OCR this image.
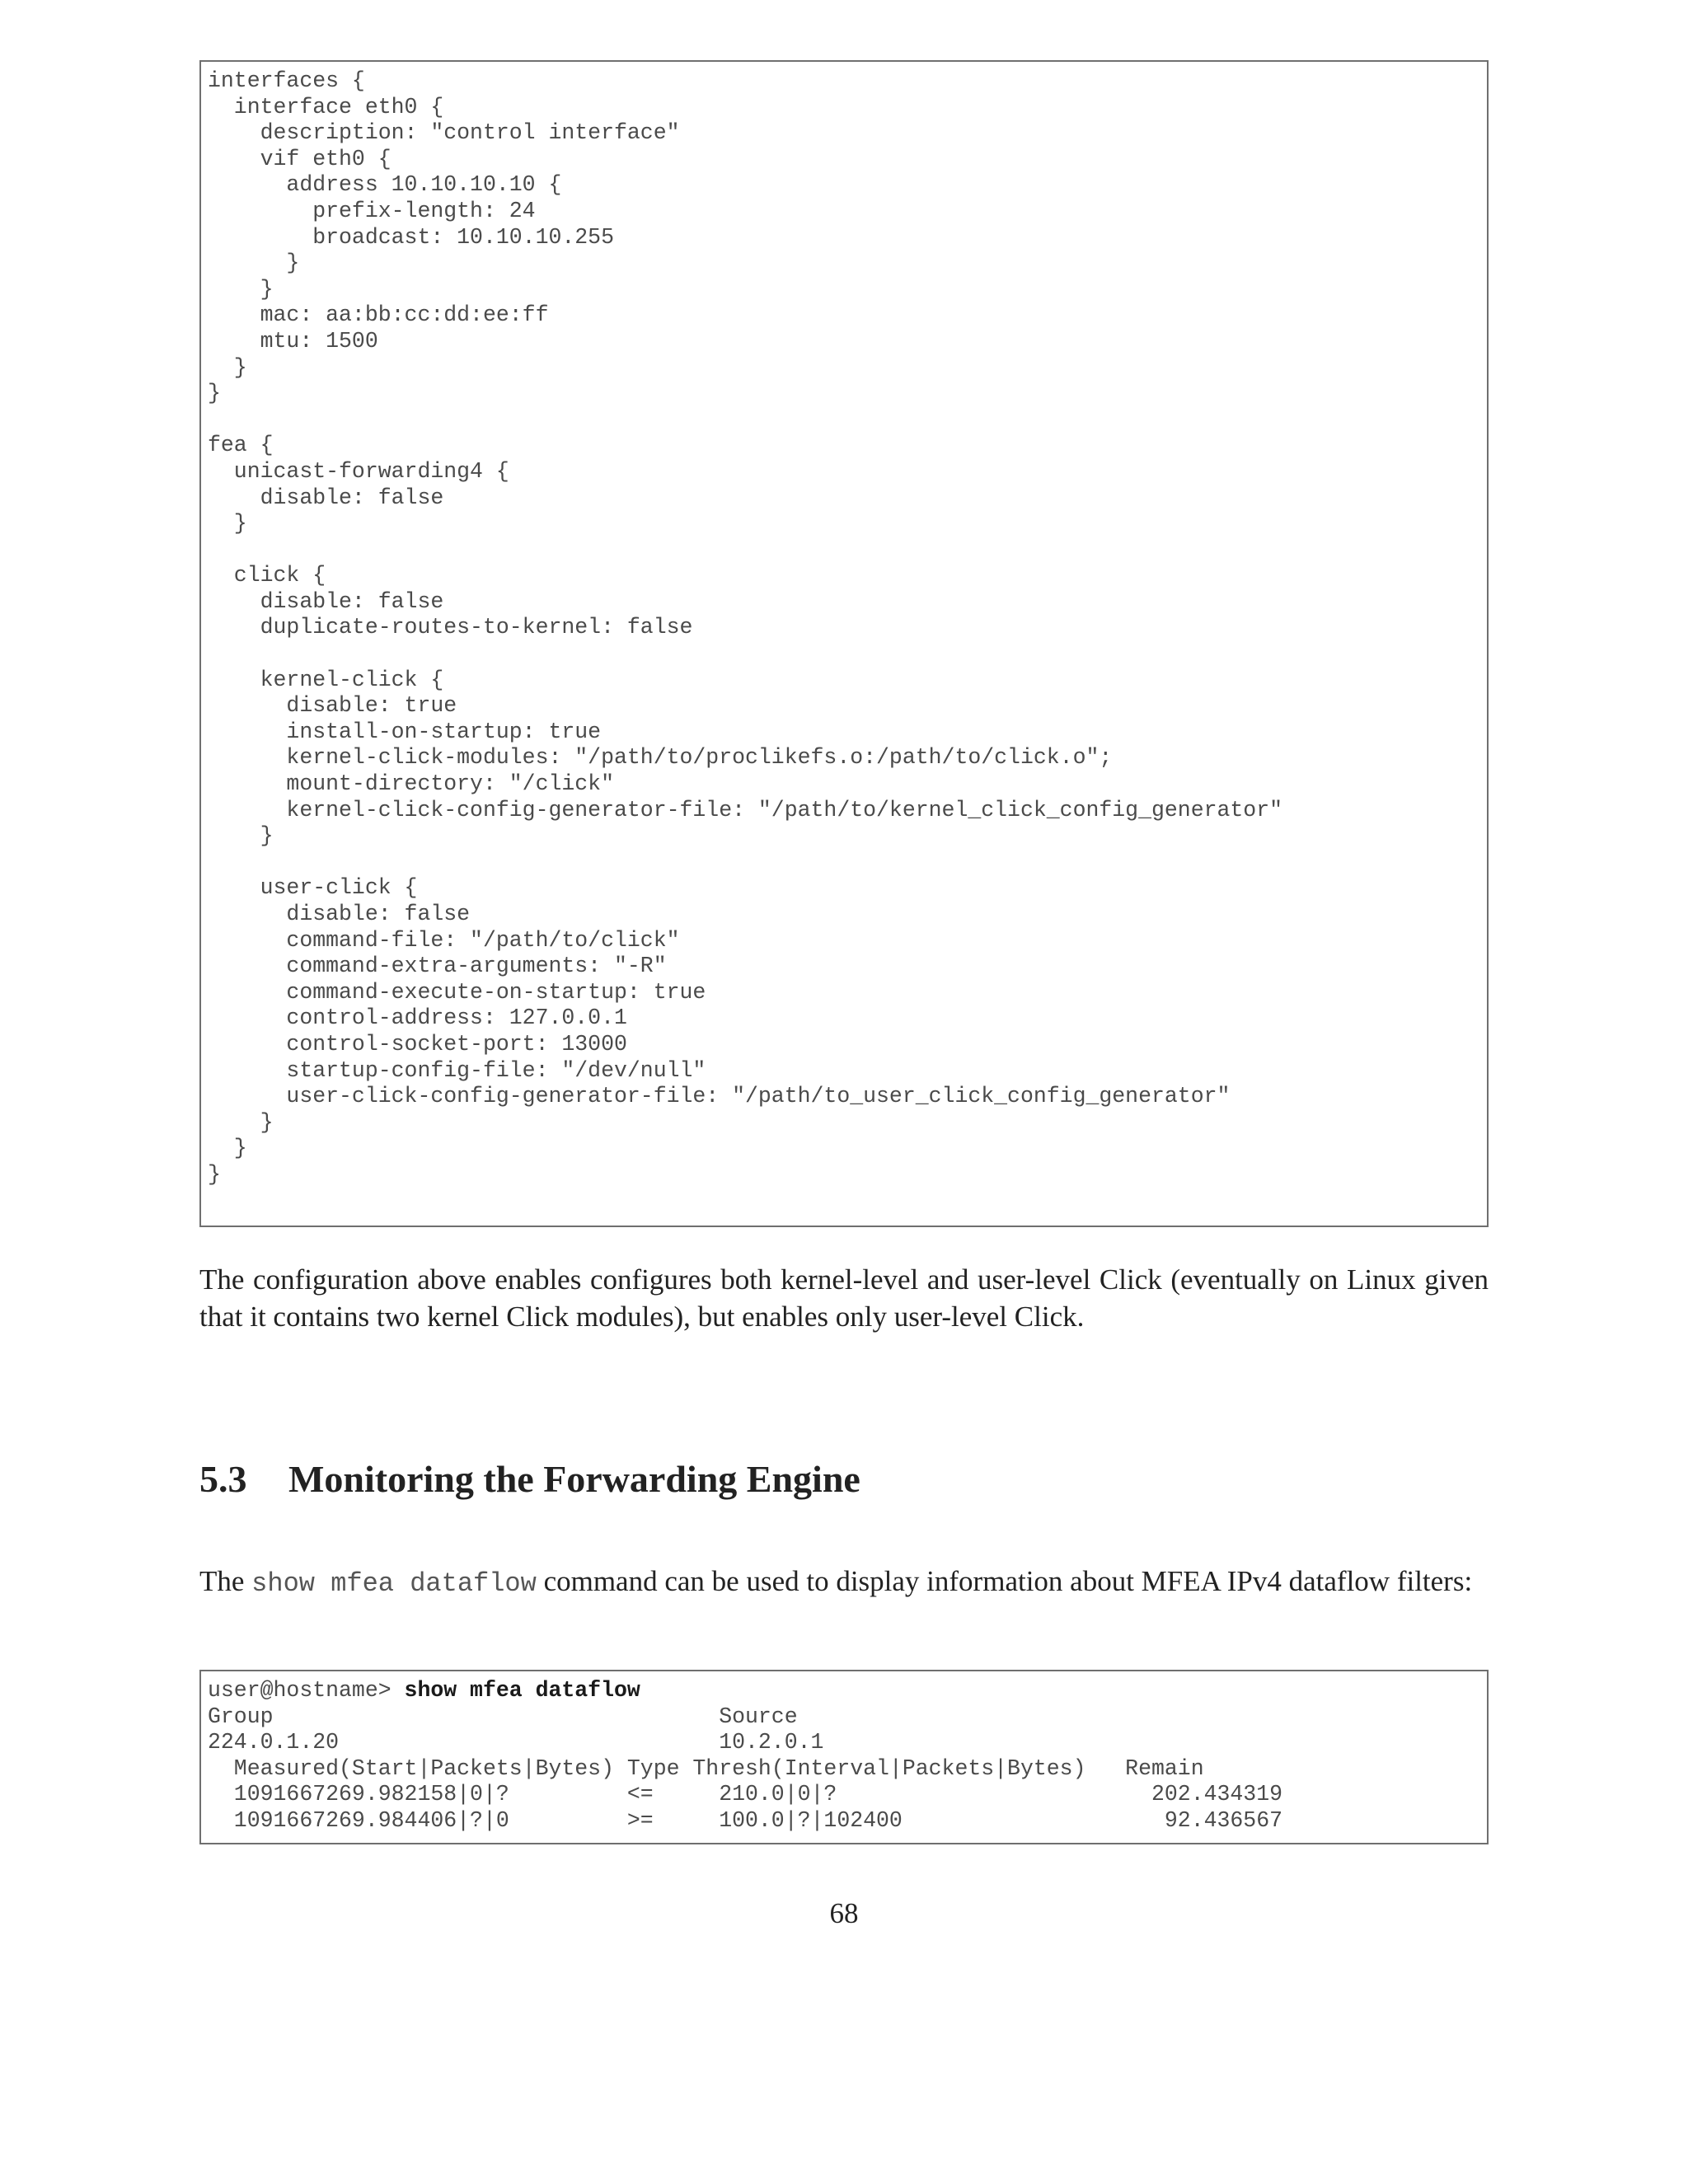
interfaces {
interface eth0 {
description: "control interface"
vif eth0 {
address 10.10.10.10 {
prefix-length: 24
broadcast: 10.10.10.255
}
}
mac: aa:bb:cc:dd:ee:ff
mtu: 1500
}
}

fea {
unicast-forwarding4 {
disable: false
}

click {
disable: false
duplicate-routes-to-kernel: false

kernel-click {
disable: true
install-on-startup: true
kernel-click-modules: "/path/to/proclikefs.o:/path/to/click.o";
mount-directory: "/click"
kernel-click-config-generator-file: "/path/to/kernel_click_config_generator"
}

user-click {
disable: false
command-file: "/path/to/click"
command-extra-arguments: "-R"
command-execute-on-startup: true
control-address: 127.0.0.1
control-socket-port: 13000
startup-config-file: "/dev/null"
user-click-config-generator-file: "/path/to_user_click_config_generator"
}
}
}

The configuration above enables configures both kernel-level and user-level Click (eventually on Linux given that it contains two kernel Click modules), but enables only user-level Click.

5.3 Monitoring the Forwarding Engine

The show mfea dataflow command can be used to display information about MFEA IPv4 dataflow filters:

user@hostname> show mfea dataflow
Group                                  Source
224.0.1.20                             10.2.0.1
Measured(Start|Packets|Bytes) Type Thresh(Interval|Packets|Bytes)   Remain
1091667269.982158|0|?         <=     210.0|0|?                        202.434319
1091667269.984406|?|0         >=     100.0|?|102400                    92.436567
68
